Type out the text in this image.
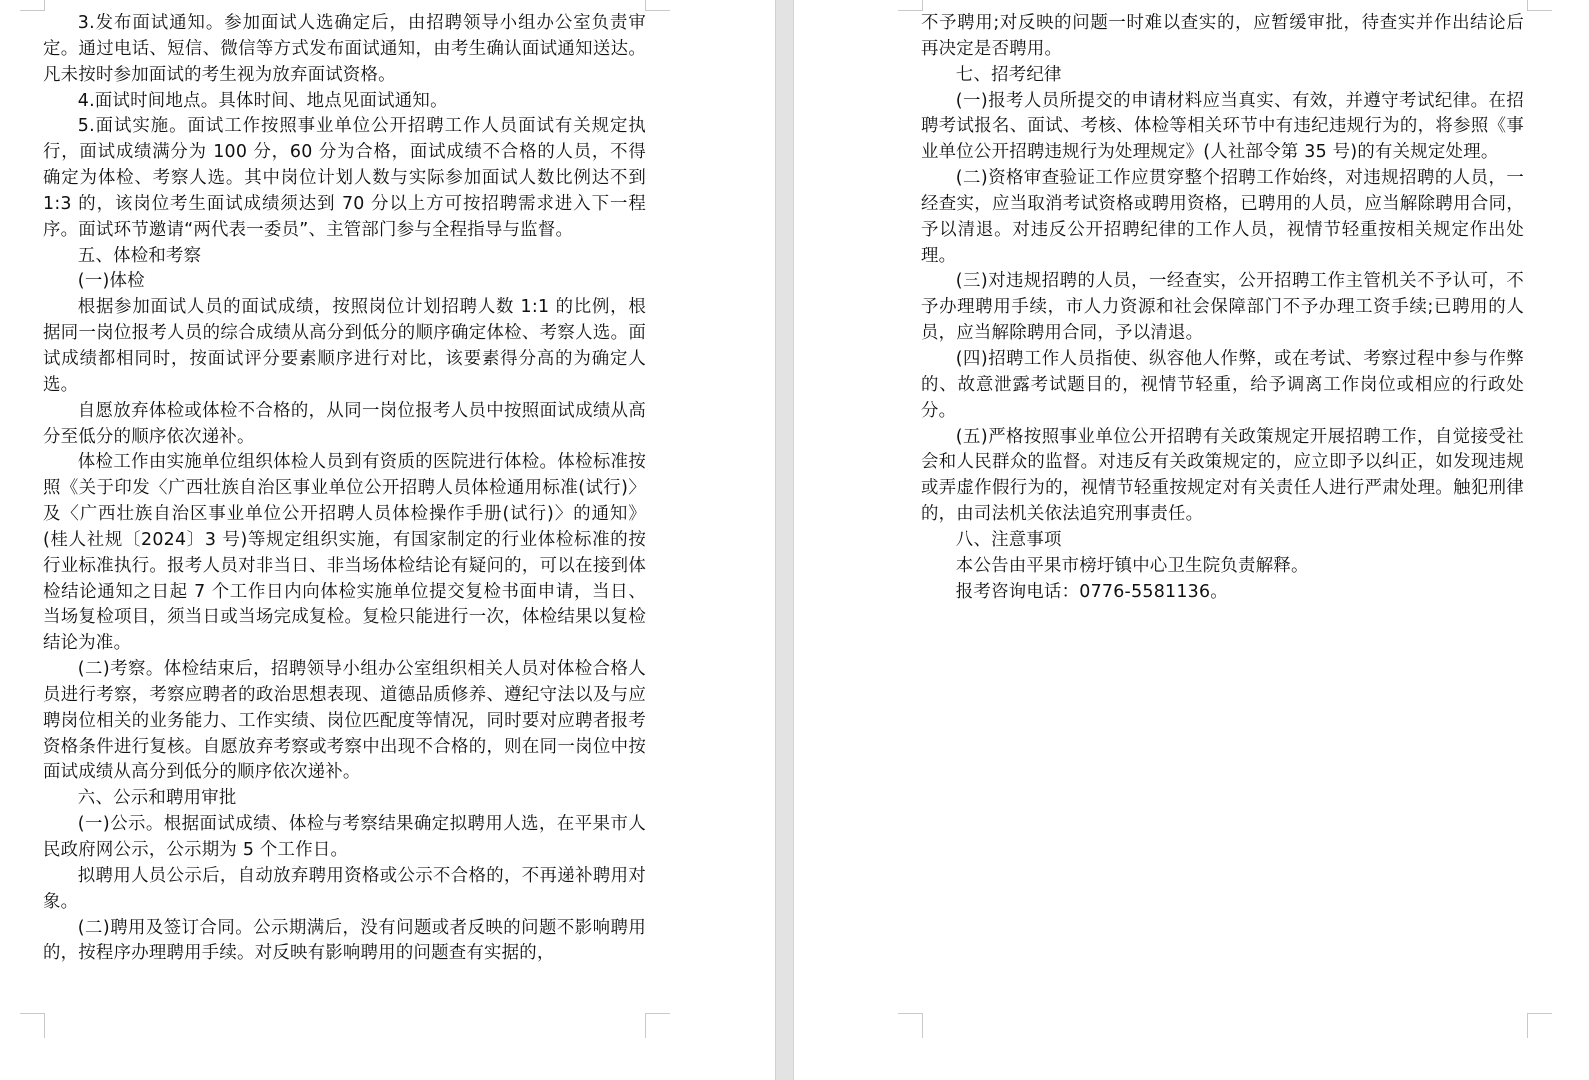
3.发布面试通知。参加面试人选确定后，由招聘领导小组办公室负责审定。通过电话、短信、微信等方式发布面试通知，由考生确认面试通知送达。凡未按时参加面试的考生视为放弃面试资格。

4.面试时间地点。具体时间、地点见面试通知。

5.面试实施。面试工作按照事业单位公开招聘工作人员面试有关规定执行，面试成绩满分为 100 分，60 分为合格，面试成绩不合格的人员，不得确定为体检、考察人选。其中岗位计划人数与实际参加面试人数比例达不到 1:3 的，该岗位考生面试成绩须达到 70 分以上方可按招聘需求进入下一程序。面试环节邀请“两代表一委员”、主管部门参与全程指导与监督。

五、体检和考察

(一)体检

根据参加面试人员的面试成绩，按照岗位计划招聘人数 1:1 的比例，根据同一岗位报考人员的综合成绩从高分到低分的顺序确定体检、考察人选。面试成绩都相同时，按面试评分要素顺序进行对比，该要素得分高的为确定人选。

自愿放弃体检或体检不合格的，从同一岗位报考人员中按照面试成绩从高分至低分的顺序依次递补。

体检工作由实施单位组织体检人员到有资质的医院进行体检。体检标准按照《关于印发〈广西壮族自治区事业单位公开招聘人员体检通用标准(试行)〉及〈广西壮族自治区事业单位公开招聘人员体检操作手册(试行)〉的通知》(桂人社规〔2024〕3 号)等规定组织实施，有国家制定的行业体检标准的按行业标准执行。报考人员对非当日、非当场体检结论有疑问的，可以在接到体检结论通知之日起 7 个工作日内向体检实施单位提交复检书面申请，当日、当场复检项目，须当日或当场完成复检。复检只能进行一次，体检结果以复检结论为准。

(二)考察。体检结束后，招聘领导小组办公室组织相关人员对体检合格人员进行考察，考察应聘者的政治思想表现、道德品质修养、遵纪守法以及与应聘岗位相关的业务能力、工作实绩、岗位匹配度等情况，同时要对应聘者报考资格条件进行复核。自愿放弃考察或考察中出现不合格的，则在同一岗位中按面试成绩从高分到低分的顺序依次递补。

六、公示和聘用审批

(一)公示。根据面试成绩、体检与考察结果确定拟聘用人选，在平果市人民政府网公示，公示期为 5 个工作日。

拟聘用人员公示后，自动放弃聘用资格或公示不合格的，不再递补聘用对象。

(二)聘用及签订合同。公示期满后，没有问题或者反映的问题不影响聘用的，按程序办理聘用手续。对反映有影响聘用的问题查有实据的，

不予聘用;对反映的问题一时难以查实的，应暂缓审批，待查实并作出结论后再决定是否聘用。

七、招考纪律

(一)报考人员所提交的申请材料应当真实、有效，并遵守考试纪律。在招聘考试报名、面试、考核、体检等相关环节中有违纪违规行为的，将参照《事业单位公开招聘违规行为处理规定》(人社部令第 35 号)的有关规定处理。

(二)资格审查验证工作应贯穿整个招聘工作始终，对违规招聘的人员，一经查实，应当取消考试资格或聘用资格，已聘用的人员，应当解除聘用合同，予以清退。对违反公开招聘纪律的工作人员，视情节轻重按相关规定作出处理。

(三)对违规招聘的人员，一经查实，公开招聘工作主管机关不予认可，不予办理聘用手续，市人力资源和社会保障部门不予办理工资手续;已聘用的人员，应当解除聘用合同，予以清退。

(四)招聘工作人员指使、纵容他人作弊，或在考试、考察过程中参与作弊的、故意泄露考试题目的，视情节轻重，给予调离工作岗位或相应的行政处分。

(五)严格按照事业单位公开招聘有关政策规定开展招聘工作，自觉接受社会和人民群众的监督。对违反有关政策规定的，应立即予以纠正，如发现违规或弄虚作假行为的，视情节轻重按规定对有关责任人进行严肃处理。触犯刑律的，由司法机关依法追究刑事责任。

八、注意事项

本公告由平果市榜圩镇中心卫生院负责解释。

报考咨询电话：0776-5581136。
